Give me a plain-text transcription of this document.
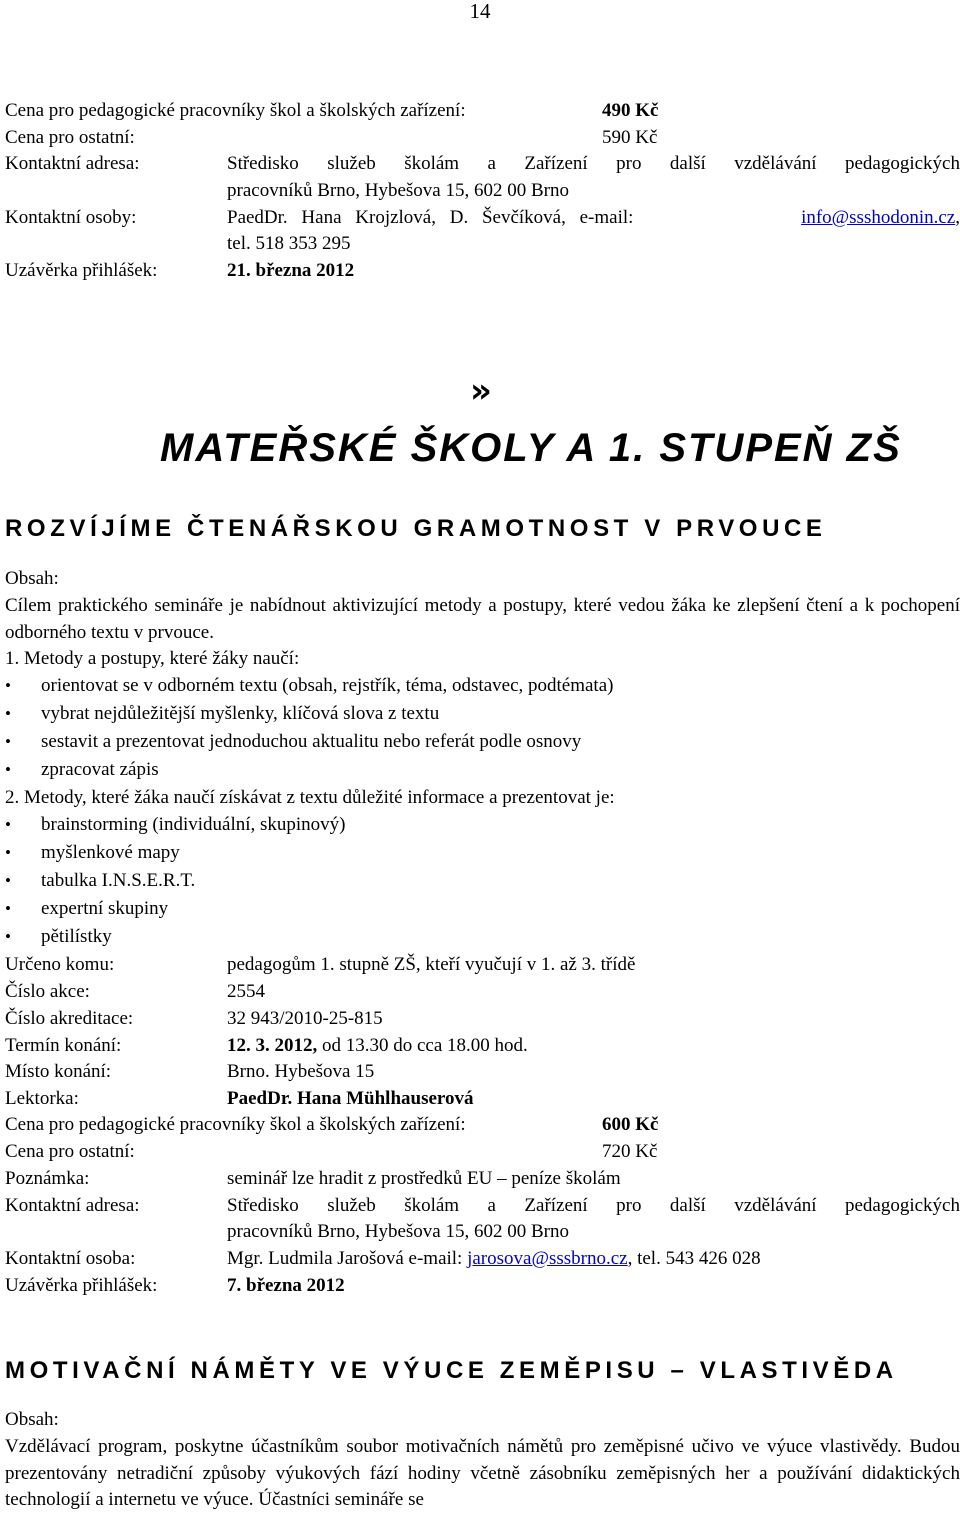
14
Cena pro pedagogické pracovníky škol a školských zařízení:	490 Kč
Cena pro ostatní:	590 Kč
Kontaktní adresa:	Středisko služeb školám a Zařízení pro další vzdělávání pedagogických
pracovníků Brno, Hybešova 15, 602 00 Brno
Kontaktní osoby:	PaedDr. Hana Krojzlová, D. Ševčíková, e-mail:	info@ssshodonin.cz,
tel. 518 353 295
Uzávěrka přihlášek:	21. března 2012
»
MATEŘSKÉ ŠKOLY A 1. STUPEŇ ZŠ
ROZVÍJÍME ČTENÁŘSKOU GRAMOTNOST V PRVOUCE
Obsah:
Cílem praktického semináře je nabídnout aktivizující metody a postupy, které vedou žáka ke zlepšení čtení a k pochopení odborného textu v prvouce.
1. Metody a postupy, které žáky naučí:
• orientovat se v odborném textu (obsah, rejstřík, téma, odstavec, podtémata)
• vybrat nejdůležitější myšlenky, klíčová slova z textu
• sestavit a prezentovat jednoduchou aktualitu nebo referát podle osnovy
• zpracovat zápis
2. Metody, které žáka naučí získávat z textu důležité informace a prezentovat je:
• brainstorming (individuální, skupinový)
• myšlenkové mapy
• tabulka I.N.S.E.R.T.
• expertní skupiny
• pětilístky
Určeno komu:	pedagogům 1. stupně ZŠ, kteří vyučují v 1. až 3. třídě
Číslo akce:	2554
Číslo akreditace:	32 943/2010-25-815
Termín konání:	12. 3. 2012, od 13.30 do cca 18.00 hod.
Místo konání:	Brno. Hybešova 15
Lektorka:	PaedDr. Hana Mühlhauserová
Cena pro pedagogické pracovníky škol a školských zařízení:	600 Kč
Cena pro ostatní:	720 Kč
Poznámka:	seminář lze hradit z prostředků EU – peníze školám
Kontaktní adresa:	Středisko služeb školám a Zařízení pro další vzdělávání pedagogických
pracovníků Brno, Hybešova 15, 602 00 Brno
Kontaktní osoba:	Mgr. Ludmila Jarošová e-mail: jarosova@sssbrno.cz, tel. 543 426 028
Uzávěrka přihlášek:	7. března 2012
MOTIVAČNÍ NÁMĚTY VE VÝUCE ZEMĚPISU – VLASTIVĚDA
Obsah:
Vzdělávací program, poskytne účastníkům soubor motivačních námětů pro zeměpisné učivo ve výuce vlastivědy. Budou prezentovány netradiční způsoby výukových fází hodiny včetně zásobníku zeměpisných her a používání didaktických technologií a internetu ve výuce. Účastníci semináře se
